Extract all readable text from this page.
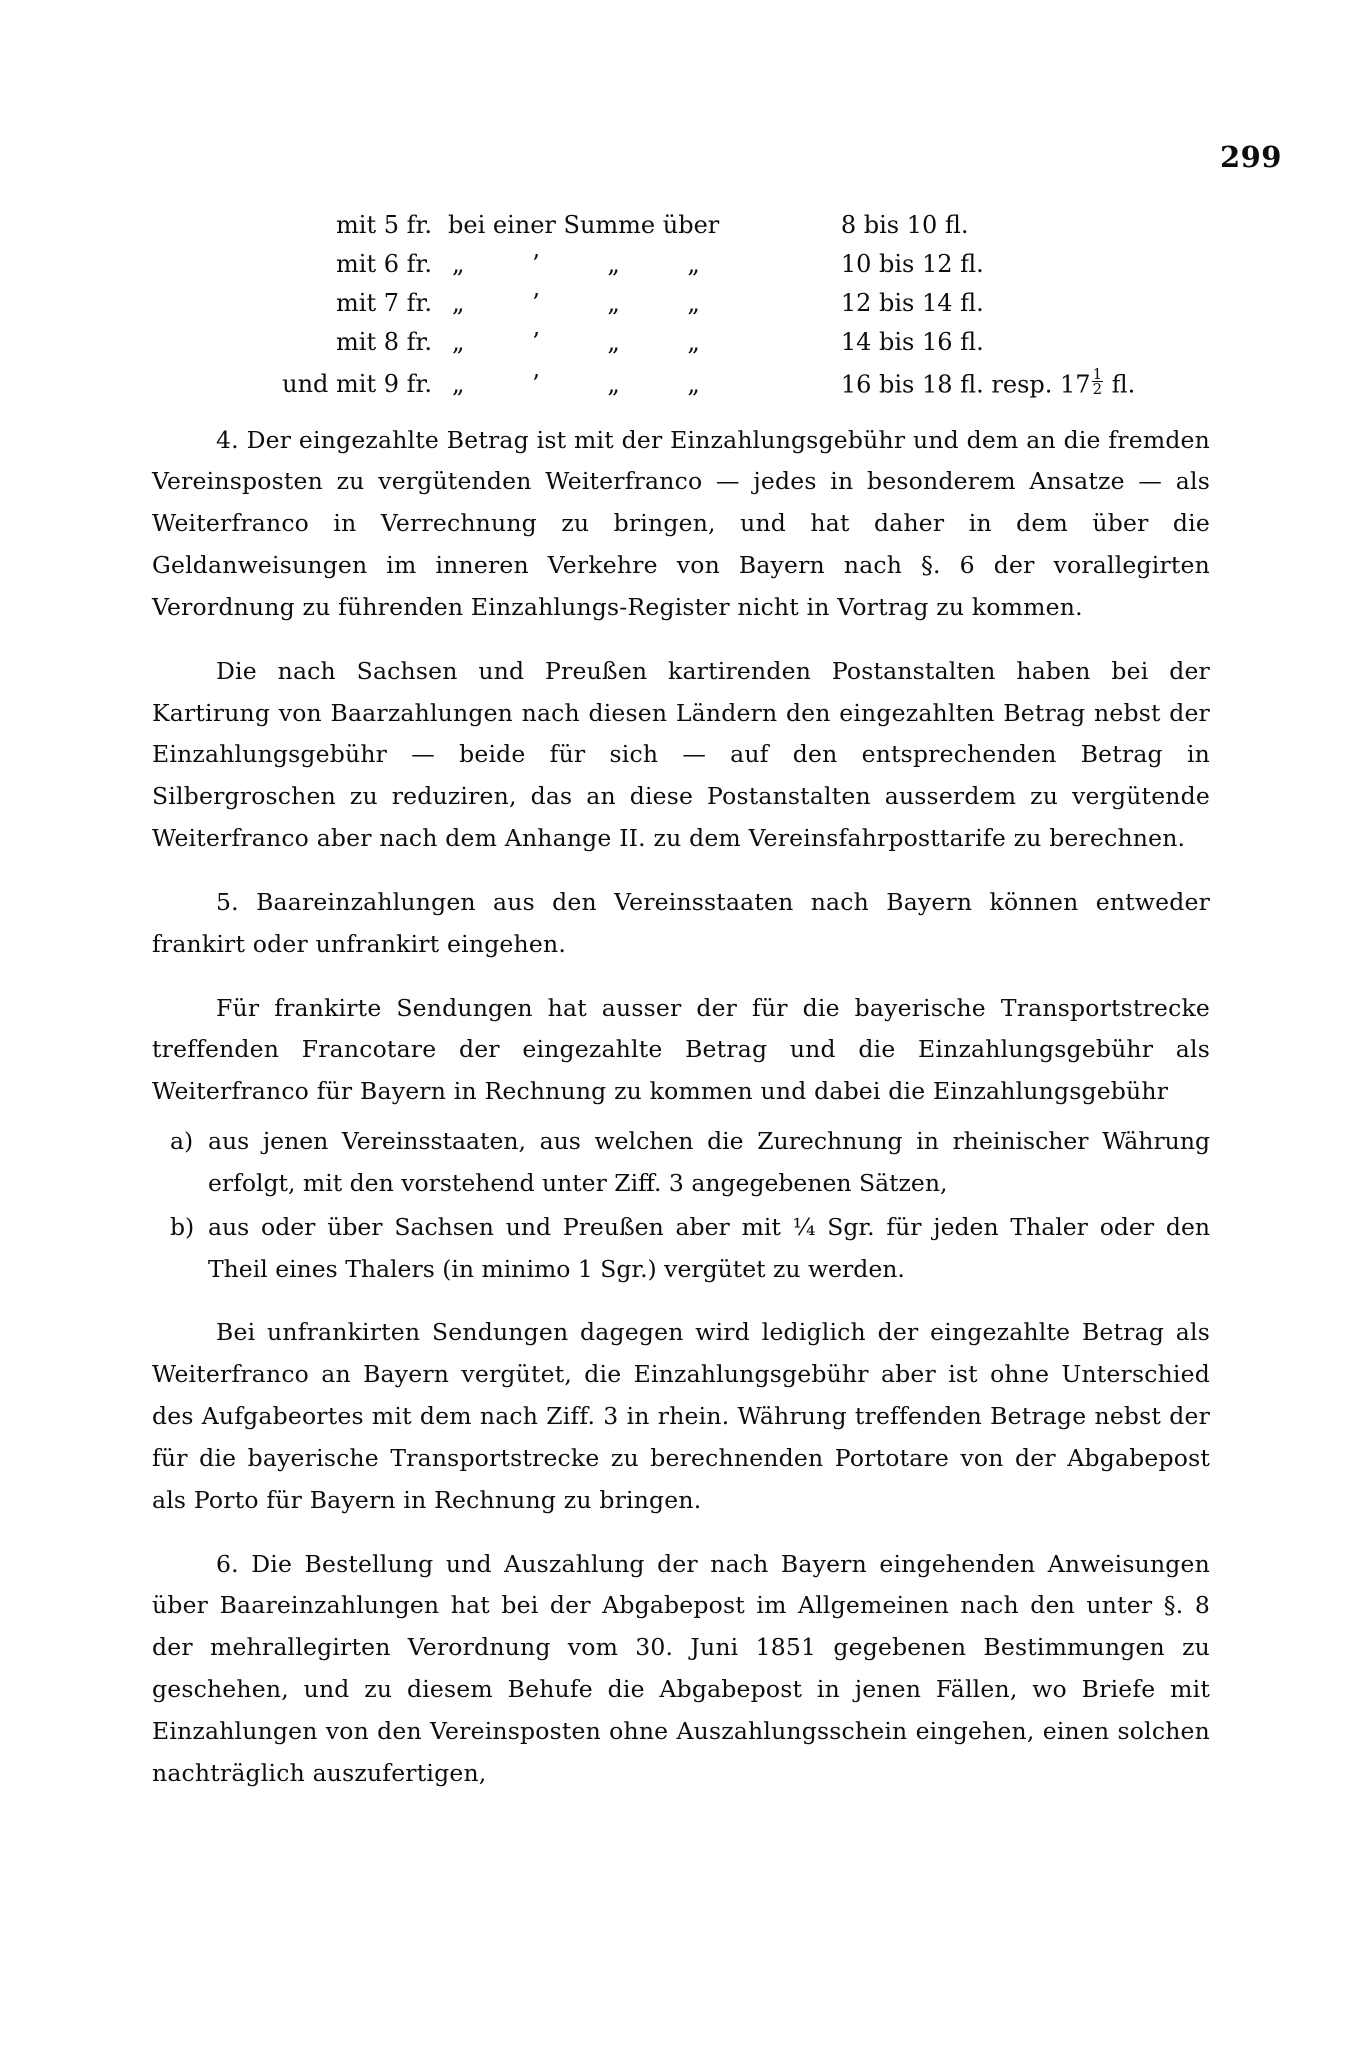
299
mit 5 fr.	bei einer Summe über	8 bis 10 fl.
mit 6 fr.	„ ’ „ „	10 bis 12 fl.
mit 7 fr.	„ ’ „ „	12 bis 14 fl.
mit 8 fr.	„ ’ „ „	14 bis 16 fl.
und mit 9 fr.	„ ’ „ „	16 bis 18 fl. resp. $17 \frac{1}{2}$ fl.

4. Der eingezahlte Betrag ist mit der Einzahlungsgebühr und dem an die fremden Vereinsposten zu vergütenden Weiterfranco — jedes in besonderem Ansatze — als Weiterfranco in Verrechnung zu bringen, und hat daher in dem über die Geldanweisungen im inneren Verkehre von Bayern nach §. 6 der vorallegirten Verordnung zu führenden Einzahlungs-Register nicht in Vortrag zu kommen.

Die nach Sachsen und Preußen kartirenden Postanstalten haben bei der Kartirung von Baarzahlungen nach diesen Ländern den eingezahlten Betrag nebst der Einzahlungsgebühr — beide für sich — auf den entsprechenden Betrag in Silbergroschen zu reduziren, das an diese Postanstalten ausserdem zu vergütende Weiterfranco aber nach dem Anhange II. zu dem Vereinsfahrposttarife zu berechnen.

5. Baareinzahlungen aus den Vereinsstaaten nach Bayern können entweder frankirt oder unfrankirt eingehen.

Für frankirte Sendungen hat ausser der für die bayerische Transportstrecke treffenden Francotare der eingezahlte Betrag und die Einzahlungsgebühr als Weiterfranco für Bayern in Rechnung zu kommen und dabei die Einzahlungsgebühr

a) aus jenen Vereinsstaaten, aus welchen die Zurechnung in rheinischer Währung erfolgt, mit den vorstehend unter Ziff. 3 angegebenen Sätzen,
b) aus oder über Sachsen und Preußen aber mit ¼ Sgr. für jeden Thaler oder den Theil eines Thalers (in minimo 1 Sgr.) vergütet zu werden.

Bei unfrankirten Sendungen dagegen wird lediglich der eingezahlte Betrag als Weiterfranco an Bayern vergütet, die Einzahlungsgebühr aber ist ohne Unterschied des Aufgabeortes mit dem nach Ziff. 3 in rhein. Währung treffenden Betrage nebst der für die bayerische Transportstrecke zu berechnenden Portotare von der Abgabepost als Porto für Bayern in Rechnung zu bringen.

6. Die Bestellung und Auszahlung der nach Bayern eingehenden Anweisungen über Baareinzahlungen hat bei der Abgabepost im Allgemeinen nach den unter §. 8 der mehrallegirten Verordnung vom 30. Juni 1851 gegebenen Bestimmungen zu geschehen, und zu diesem Behufe die Abgabepost in jenen Fällen, wo Briefe mit Einzahlungen von den Vereinsposten ohne Auszahlungsschein eingehen, einen solchen nachträglich auszufertigen,
